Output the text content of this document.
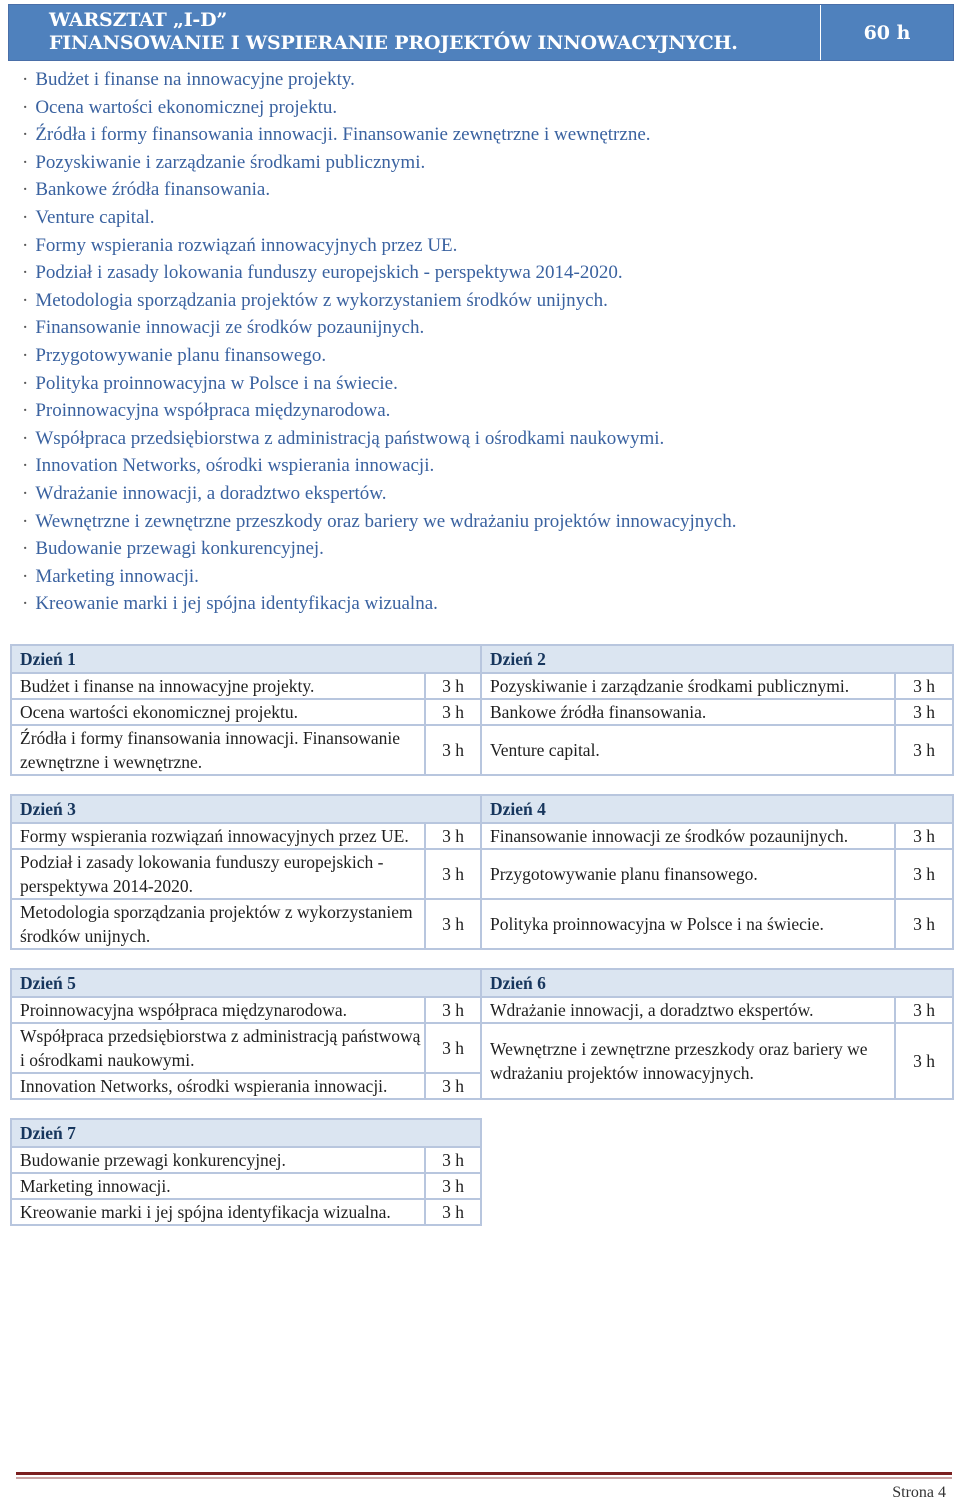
WARSZTAT „I-D”
FINANSOWANIE I WSPIERANIE PROJEKTÓW INNOWACYJNYCH.	60 h
· Budżet i finanse na innowacyjne projekty.
· Ocena wartości ekonomicznej projektu.
· Źródła i formy finansowania innowacji. Finansowanie zewnętrzne i wewnętrzne.
· Pozyskiwanie i zarządzanie środkami publicznymi.
· Bankowe źródła finansowania.
· Venture capital.
· Formy wspierania rozwiązań innowacyjnych przez UE.
· Podział i zasady lokowania funduszy europejskich - perspektywa 2014-2020.
· Metodologia sporządzania projektów z wykorzystaniem środków unijnych.
· Finansowanie innowacji ze środków pozaunijnych.
· Przygotowywanie planu finansowego.
· Polityka proinnowacyjna w Polsce i na świecie.
· Proinnowacyjna współpraca międzynarodowa.
· Współpraca przedsiębiorstwa z administracją państwową i ośrodkami naukowymi.
· Innovation Networks, ośrodki wspierania innowacji.
· Wdrażanie innowacji, a doradztwo ekspertów.
· Wewnętrzne i zewnętrzne przeszkody oraz bariery we wdrażaniu projektów innowacyjnych.
· Budowanie przewagi konkurencyjnej.
· Marketing innowacji.
· Kreowanie marki i jej spójna identyfikacja wizualna.
Dzień 1		Dzień 2	
Budżet i finanse na innowacyjne projekty.	3 h	Pozyskiwanie i zarządzanie środkami publicznymi.	3 h
Ocena wartości ekonomicznej projektu.	3 h	Bankowe źródła finansowania.	3 h
Źródła i formy finansowania innowacji. Finansowanie zewnętrzne i wewnętrzne.	3 h	Venture capital.	3 h
Dzień 3		Dzień 4	
Formy wspierania rozwiązań innowacyjnych przez UE.	3 h	Finansowanie innowacji ze środków pozaunijnych.	3 h
Podział i zasady lokowania funduszy europejskich - perspektywa 2014-2020.	3 h	Przygotowywanie planu finansowego.	3 h
Metodologia sporządzania projektów z wykorzystaniem środków unijnych.	3 h	Polityka proinnowacyjna w Polsce i na świecie.	3 h
Dzień 5		Dzień 6	
Proinnowacyjna współpraca międzynarodowa.	3 h	Wdrażanie innowacji, a doradztwo ekspertów.	3 h
Współpraca przedsiębiorstwa z administracją państwową i ośrodkami naukowymi.	3 h	Wewnętrzne i zewnętrzne przeszkody oraz bariery we wdrażaniu projektów innowacyjnych.	3 h
Innovation Networks, ośrodki wspierania innowacji.	3 h		
Dzień 7	
Budowanie przewagi konkurencyjnej.	3 h
Marketing innowacji.	3 h
Kreowanie marki i jej spójna identyfikacja wizualna.	3 h
Strona 4
